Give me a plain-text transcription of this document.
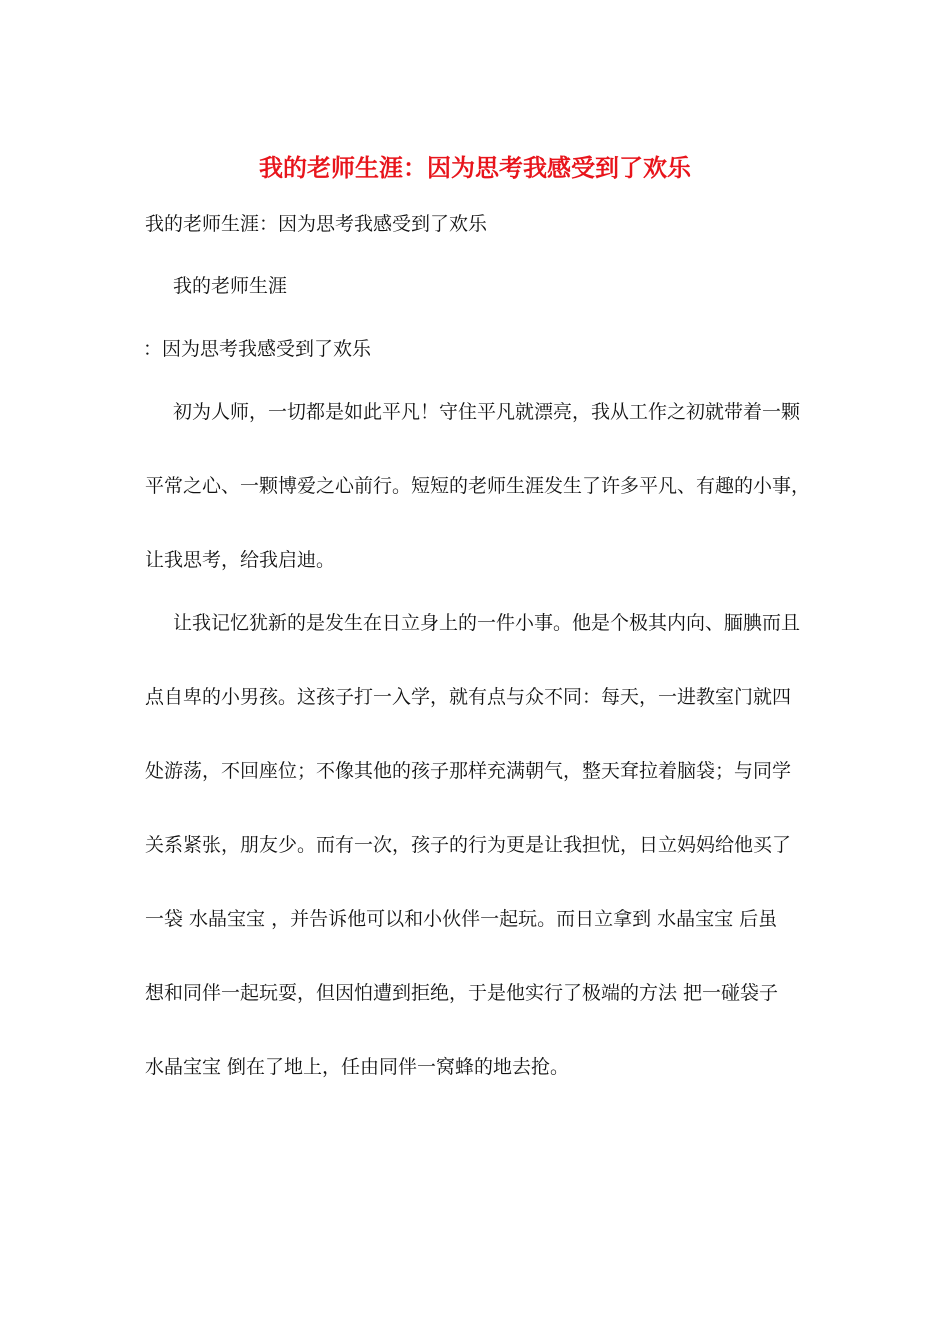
我的老师生涯：因为思考我感受到了欢乐

我的老师生涯：因为思考我感受到了欢乐

我的老师生涯

：因为思考我感受到了欢乐

初为人师，一切都是如此平凡！守住平凡就漂亮，我从工作之初就带着一颗

平常之心、一颗博爱之心前行。短短的老师生涯发生了许多平凡、有趣的小事，

让我思考，给我启迪。

让我记忆犹新的是发生在日立身上的一件小事。他是个极其内向、腼腆而且

点自卑的小男孩。这孩子打一入学，就有点与众不同：每天，一进教室门就四

处游荡，不回座位；不像其他的孩子那样充满朝气，整天耷拉着脑袋；与同学

关系紧张，朋友少。而有一次，孩子的行为更是让我担忧，日立妈妈给他买了

一袋 水晶宝宝 ，并告诉他可以和小伙伴一起玩。而日立拿到 水晶宝宝 后虽

想和同伴一起玩耍，但因怕遭到拒绝，于是他实行了极端的方法 把一碰袋子

水晶宝宝 倒在了地上，任由同伴一窝蜂的地去抢。
